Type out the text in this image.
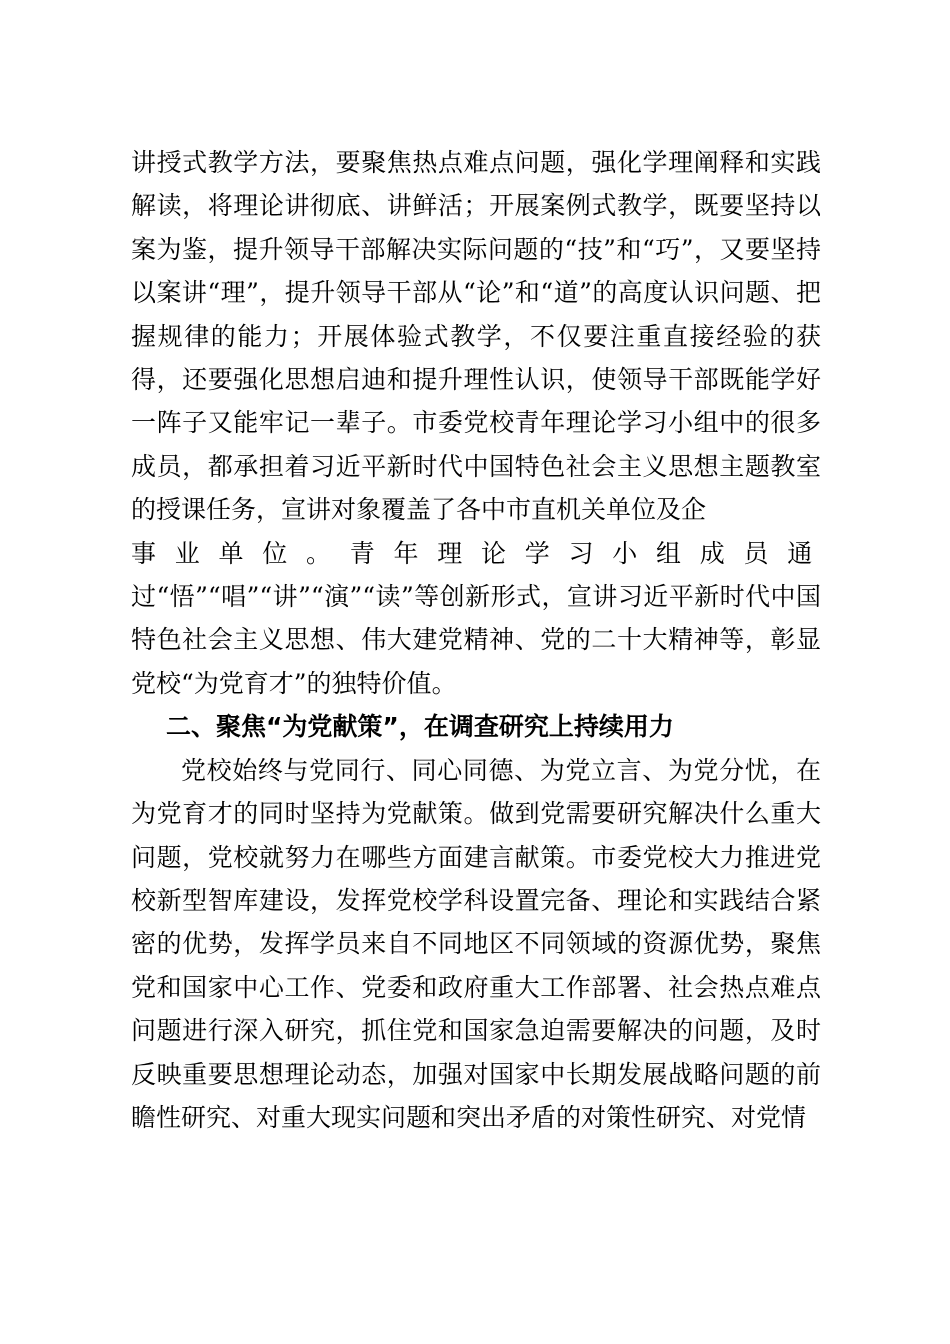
讲授式教学方法，要聚焦热点难点问题，强化学理阐释和实践解读，将理论讲彻底、讲鲜活；开展案例式教学，既要坚持以案为鉴，提升领导干部解决实际问题的“技”和“巧”，又要坚持以案讲“理”，提升领导干部从“论”和“道”的高度认识问题、把握规律的能力；开展体验式教学，不仅要注重直接经验的获得，还要强化思想启迪和提升理性认识，使领导干部既能学好一阵子又能牢记一辈子。市委党校青年理论学习小组中的很多成员，都承担着习近平新时代中国特色社会主义思想主题教室的授课任务，宣讲对象覆盖了各中市直机关单位及企
事业单位。青年理论学习小组成员通
过“悟”“唱”“讲”“演”“读”等创新形式，宣讲习近平新时代中国特色社会主义思想、伟大建党精神、党的二十大精神等，彰显党校“为党育才”的独特价值。

二、聚焦“为党献策”，在调查研究上持续用力

党校始终与党同行、同心同德、为党立言、为党分忧，在为党育才的同时坚持为党献策。做到党需要研究解决什么重大问题，党校就努力在哪些方面建言献策。市委党校大力推进党校新型智库建设，发挥党校学科设置完备、理论和实践结合紧密的优势，发挥学员来自不同地区不同领域的资源优势，聚焦党和国家中心工作、党委和政府重大工作部署、社会热点难点问题进行深入研究，抓住党和国家急迫需要解决的问题，及时反映重要思想理论动态，加强对国家中长期发展战略问题的前瞻性研究、对重大现实问题和突出矛盾的对策性研究、对党情
